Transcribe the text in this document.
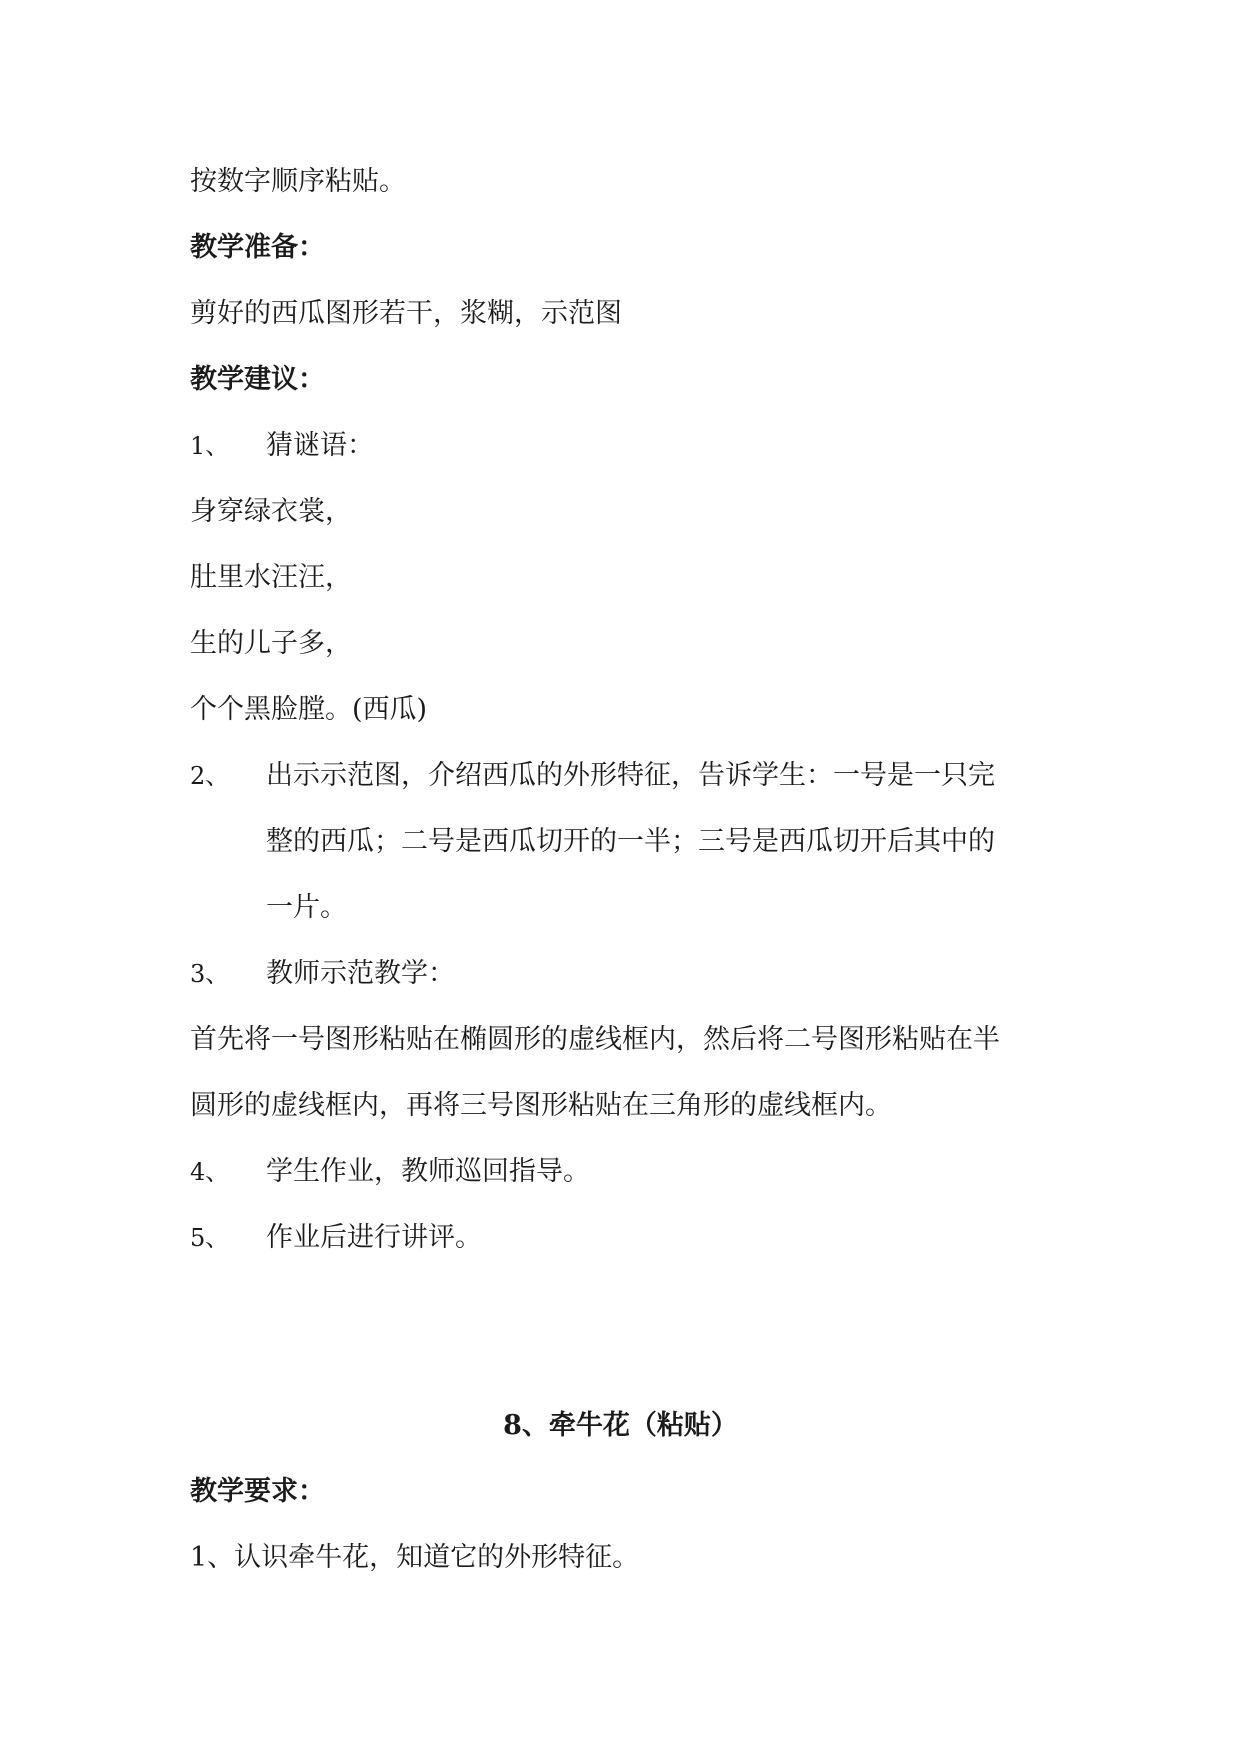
按数字顺序粘贴。
教学准备：
剪好的西瓜图形若干，浆糊，示范图
教学建议：
1、 猜谜语：
身穿绿衣裳，
肚里水汪汪，
生的儿子多，
个个黑脸膛。(西瓜)
2、 出示示范图，介绍西瓜的外形特征，告诉学生：一号是一只完
整的西瓜；二号是西瓜切开的一半；三号是西瓜切开后其中的
一片。
3、 教师示范教学：
首先将一号图形粘贴在椭圆形的虚线框内，然后将二号图形粘贴在半
圆形的虚线框内，再将三号图形粘贴在三角形的虚线框内。
4、 学生作业，教师巡回指导。
5、 作业后进行讲评。
8、牵牛花（粘贴）
教学要求：
1、认识牵牛花，知道它的外形特征。
